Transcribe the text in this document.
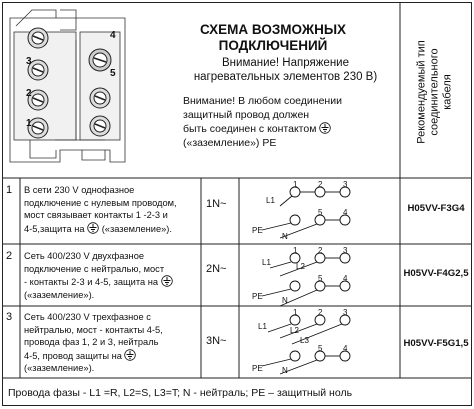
4
5
3
2
1
СХЕМА ВОЗМОЖНЫХ
ПОДКЛЮЧЕНИЙ
Внимание! Напряжение
нагревательных элементов 230 В)
Внимание! В любом соединении
защитный провод должен
быть соединен с контактом
(«заземление») PE	Рекомендуемый тип соединительного кабеля
1 В сети 230 V однофазное
подключение с нулевым проводом,
мост связывает контакты 1 -2-3 и
4-5,защита на («заземление»).
1N~	H05VV-F3G4
2 Сеть 400/230 V двухфазное
подключение с нейтралью, мост
- контакты 2-3 и 4-5, защита на
(«заземление»).
2N~	H05VV-F4G2,5
3 Сеть 400/230 V трехфазное с
нейтралью, мост - контакты 4-5,
провода фаз 1, 2 и 3, нейтраль
4-5, провод защиты на
(«заземление»).
3N~	H05VV-F5G1,5
1	2	3
5	4
L1
PE
N
1	2	3
5	4
L1	L2
PE N
1	2	3
5	4
L1	L2
L3
PE N
Провода фазы - L1 =R, L2=S, L3=T; N - нейтраль; PE – защитный ноль
